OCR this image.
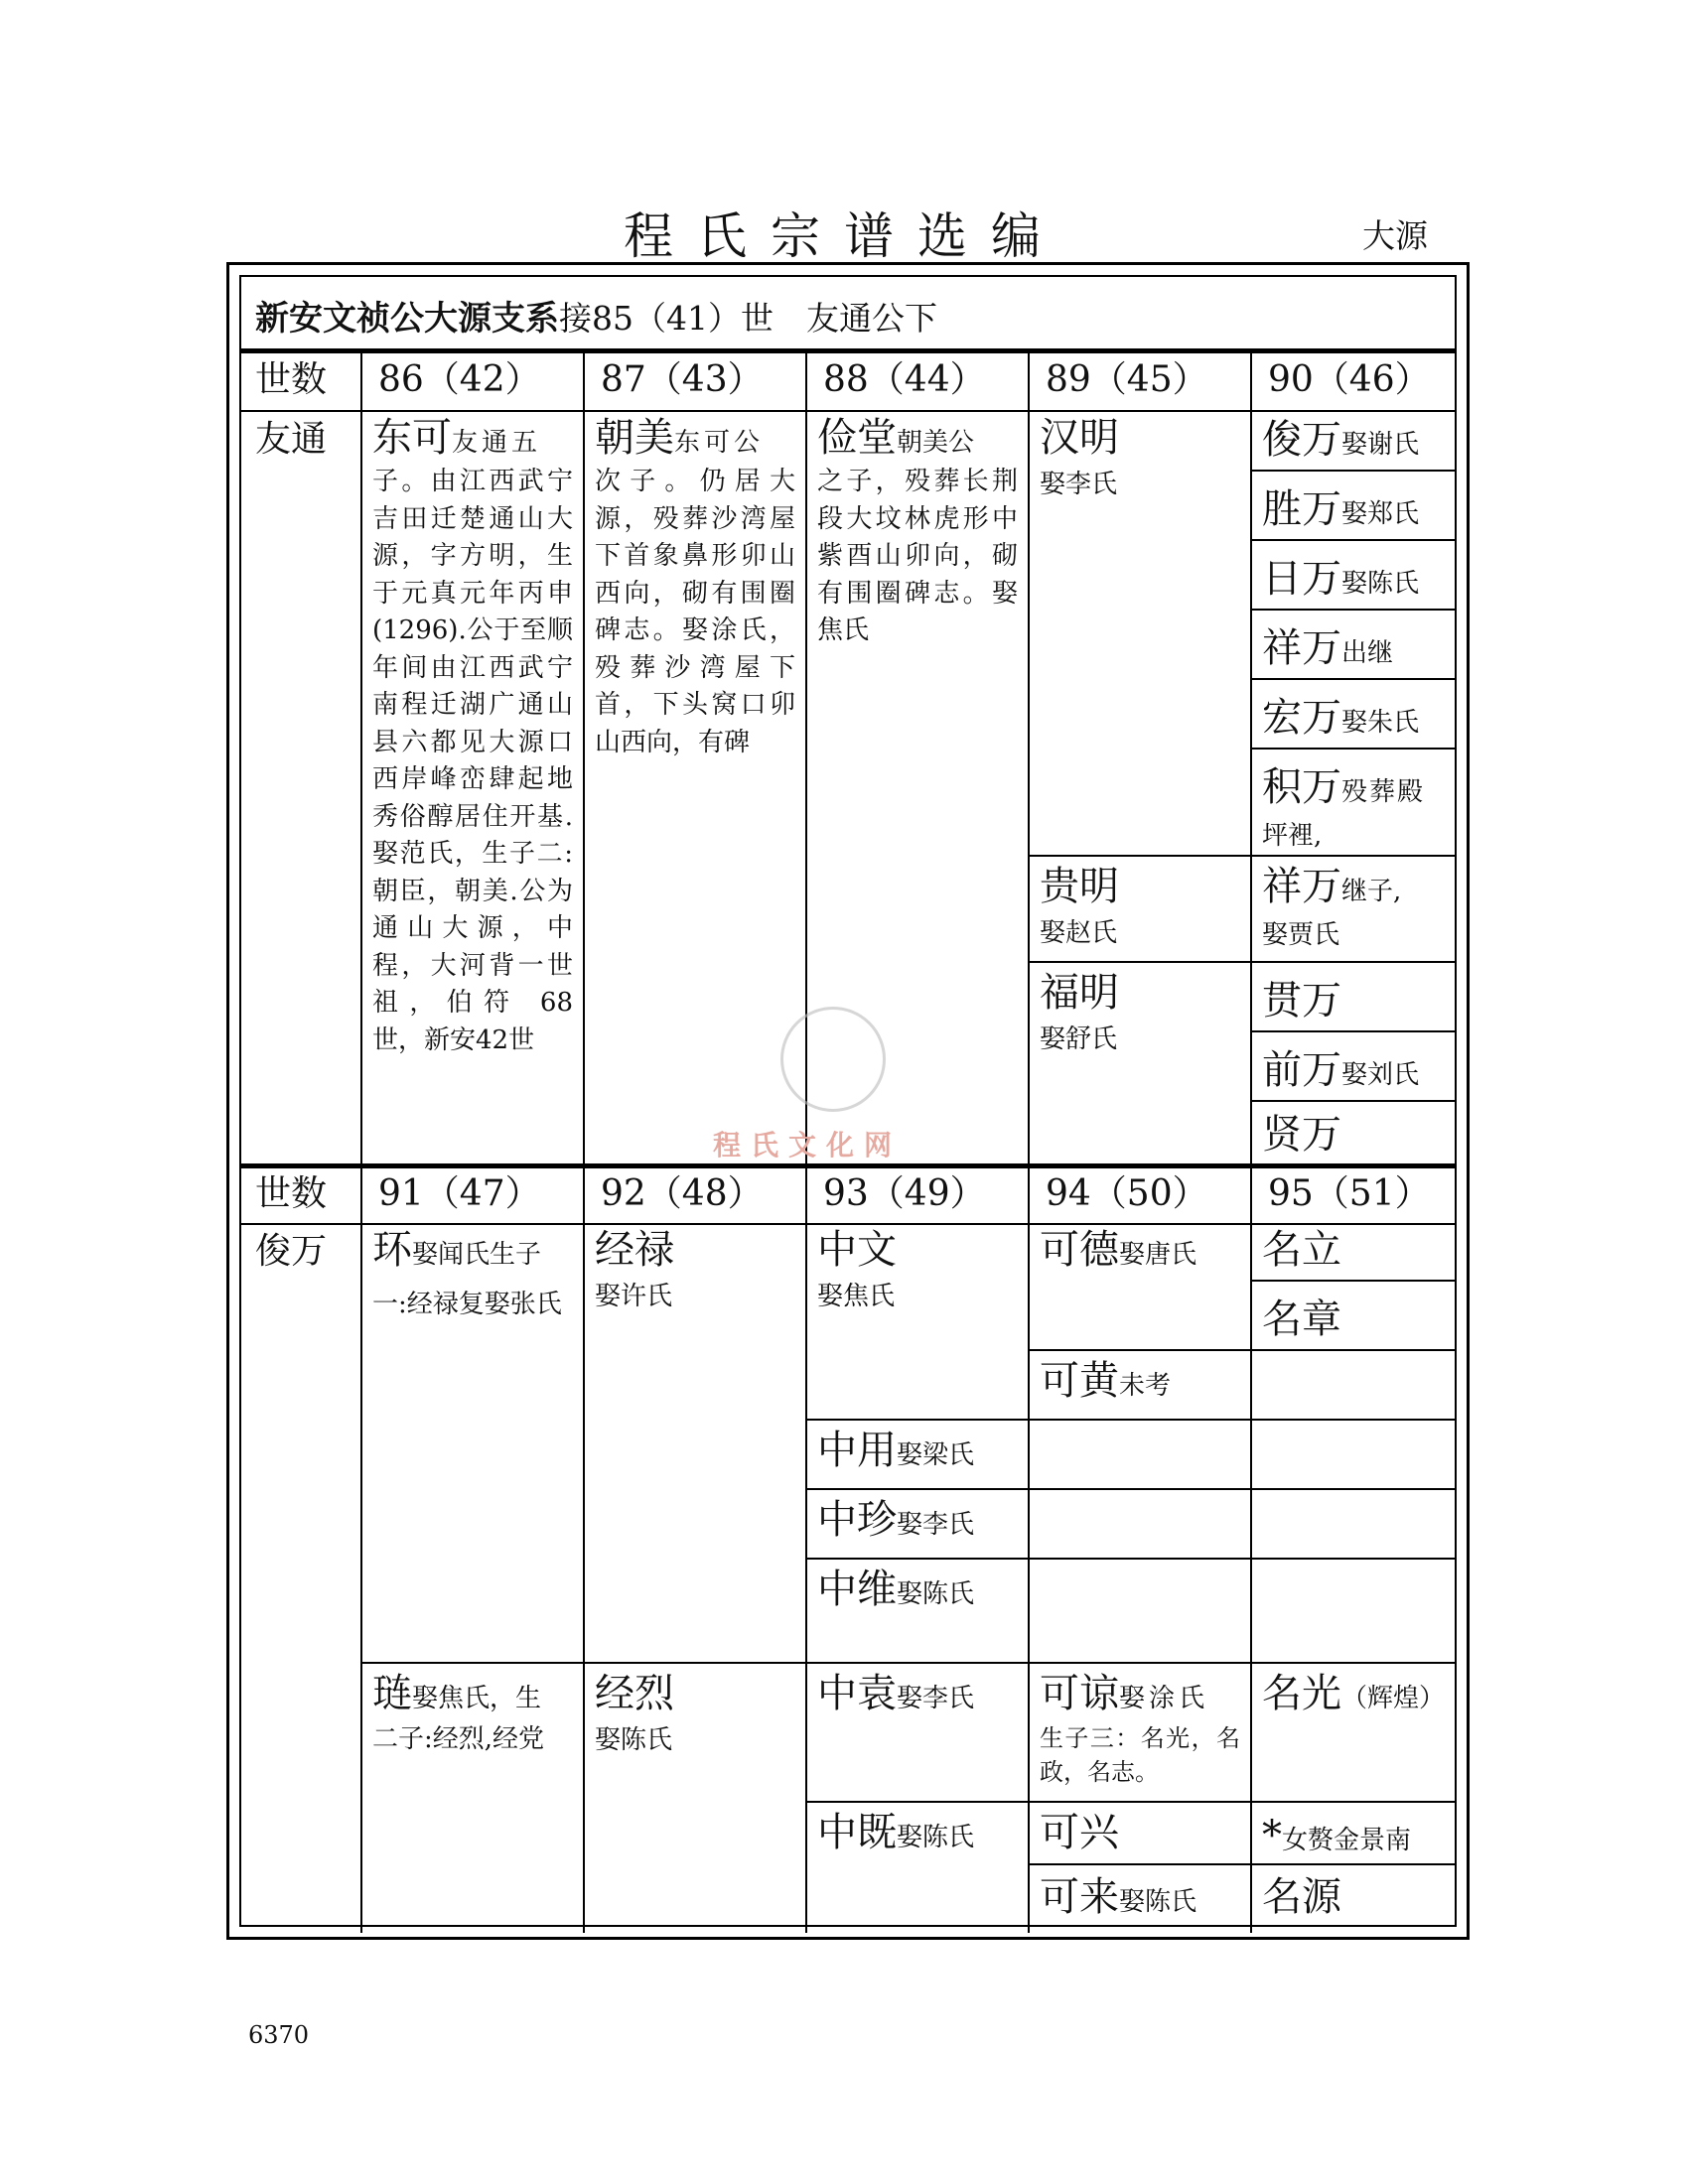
程氏宗谱选编	大源
6370
新安文祯公大源支系接85（41）世　友通公下
世数 86（42） 87（43） 88（44） 89（45） 90（46）
友通 东可友通五
子。由江西武宁吉田迁楚通山大源，字方明，生于元真元年丙申(1296).公于至顺年间由江西武宁南程迁湖广通山县六都见大源口西岸峰峦肆起地秀俗醇居住开基.娶范氏，生子二:朝臣，朝美.公为通山大源，中程，大河背一世祖，伯符 68 世，新安42世
朝美东可公
次子。仍居大源，殁葬沙湾屋下首象鼻形卯山西向，砌有围圈碑志。娶涂氏，殁葬沙湾屋下首，下头窝口卯山西向，有碑
俭堂朝美公
之子，殁葬长荆段大坟林虎形中紫酉山卯向，砌有围圈碑志。娶焦氏
汉明
娶李氏
贵明
娶赵氏
福明
娶舒氏
俊万娶谢氏
胜万娶郑氏
日万娶陈氏
祥万出继
宏万娶朱氏
积万殁葬殿
坪裡,
祥万继子,
娶贾氏
贯万
前万娶刘氏
贤万
世数 91（47） 92（48） 93（49） 94（50） 95（51）
俊万 环娶闻氏生子
一:经禄复娶张氏
琏娶焦氏，生
二子:经烈,经党
经禄
娶许氏
经烈
娶陈氏
中文
娶焦氏
中用娶梁氏
中珍娶李氏
中维娶陈氏
中袁娶李氏
中既娶陈氏
可德娶唐氏
可黄未考
可谅娶涂氏
生子三：名光，名政，名志。
可兴
可来娶陈氏
名立
名章
名光（辉煌）
*女赘金景南
名源
程氏文化网
